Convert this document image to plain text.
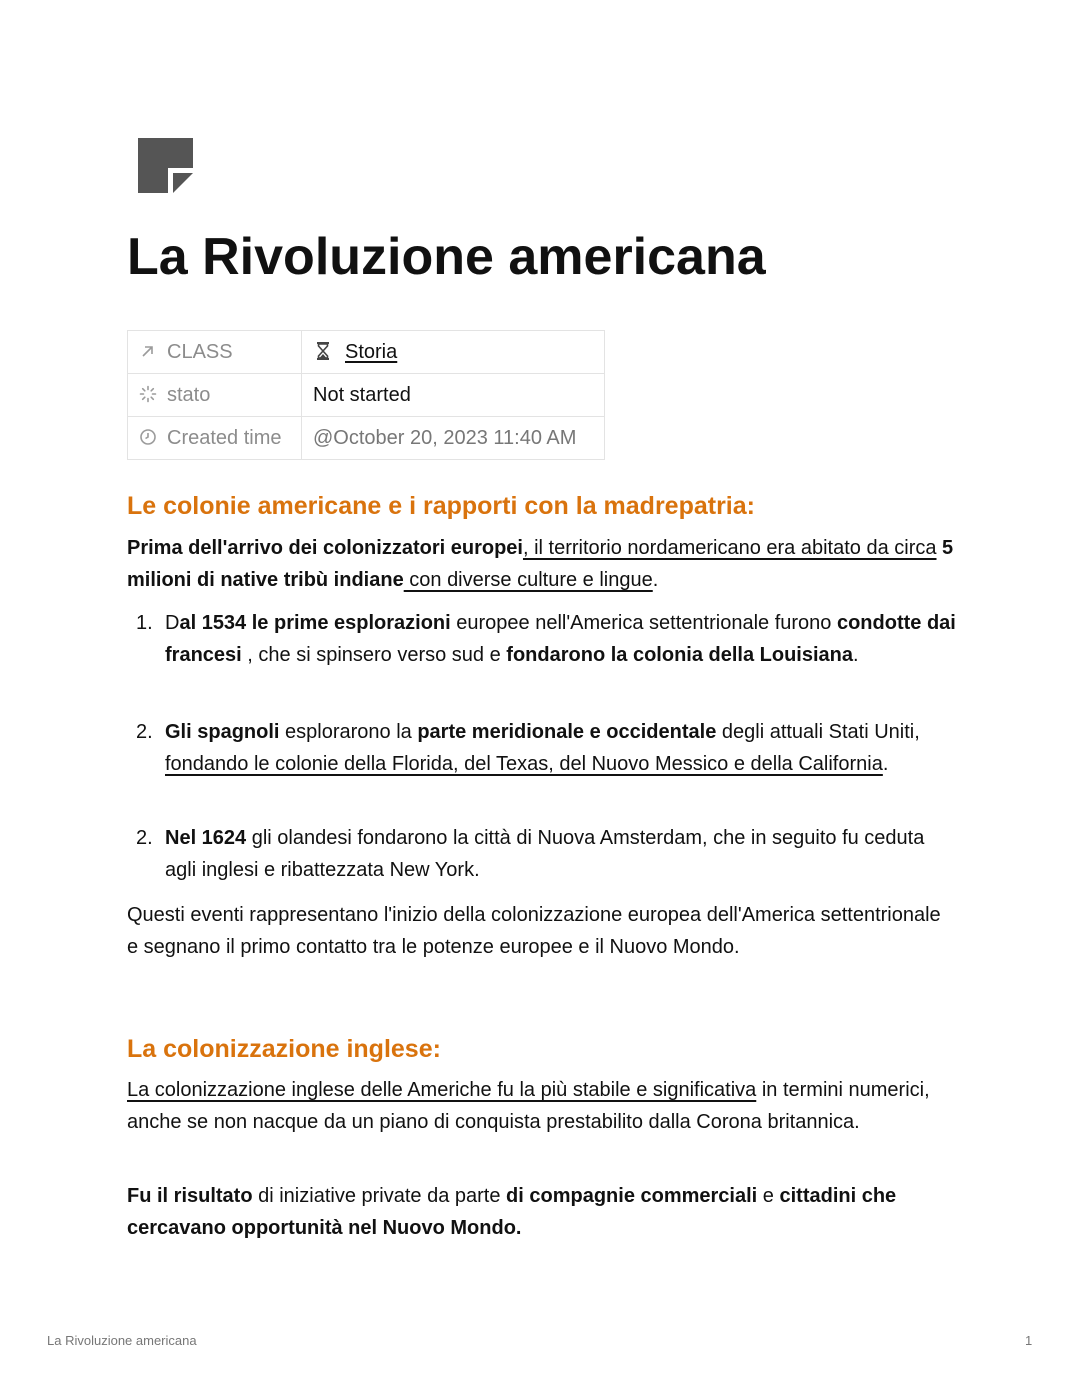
La Rivoluzione americana
CLASS	Storia
stato	Not started
Created time	@October 20, 2023 11:40 AM
Le colonie americane e i rapporti con la madrepatria:

Prima dell'arrivo dei colonizzatori europei, il territorio nordamericano era abitato da circa 5 milioni di native tribù indiane con diverse culture e lingue.

1. Dal 1534 le prime esplorazioni europee nell'America settentrionale furono condotte dai francesi , che si spinsero verso sud e fondarono la colonia della Louisiana.

2. Gli spagnoli esplorarono la parte meridionale e occidentale degli attuali Stati Uniti, fondando le colonie della Florida, del Texas, del Nuovo Messico e della California.

2. Nel 1624 gli olandesi fondarono la città di Nuova Amsterdam, che in seguito fu ceduta agli inglesi e ribattezzata New York.

Questi eventi rappresentano l'inizio della colonizzazione europea dell'America settentrionale e segnano il primo contatto tra le potenze europee e il Nuovo Mondo.

La colonizzazione inglese:

La colonizzazione inglese delle Americhe fu la più stabile e significativa in termini numerici, anche se non nacque da un piano di conquista prestabilito dalla Corona britannica.

Fu il risultato di iniziative private da parte di compagnie commerciali e cittadini che cercavano opportunità nel Nuovo Mondo.

La Rivoluzione americana	1
